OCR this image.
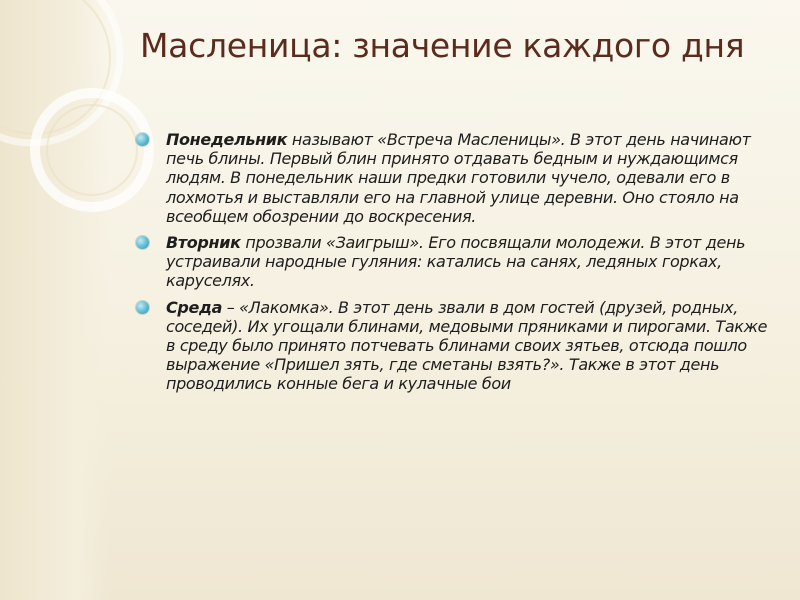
Масленица: значение каждого дня

Понедельник называют «Встреча Масленицы». В этот день начинают печь блины. Первый блин принято отдавать бедным и нуждающимся людям. В понедельник наши предки готовили чучело, одевали его в лохмотья и выставляли его на главной улице деревни. Оно стояло на всеобщем обозрении до воскресения.

Вторник прозвали «Заигрыш». Его посвящали молодежи. В этот день устраивали народные гуляния: катались на санях, ледяных горках, каруселях.

Среда – «Лакомка». В этот день звали в дом гостей (друзей, родных, соседей). Их угощали блинами, медовыми пряниками и пирогами. Также в среду было принято потчевать блинами своих зятьев, отсюда пошло выражение «Пришел зять, где сметаны взять?». Также в этот день проводились конные бега и кулачные бои
